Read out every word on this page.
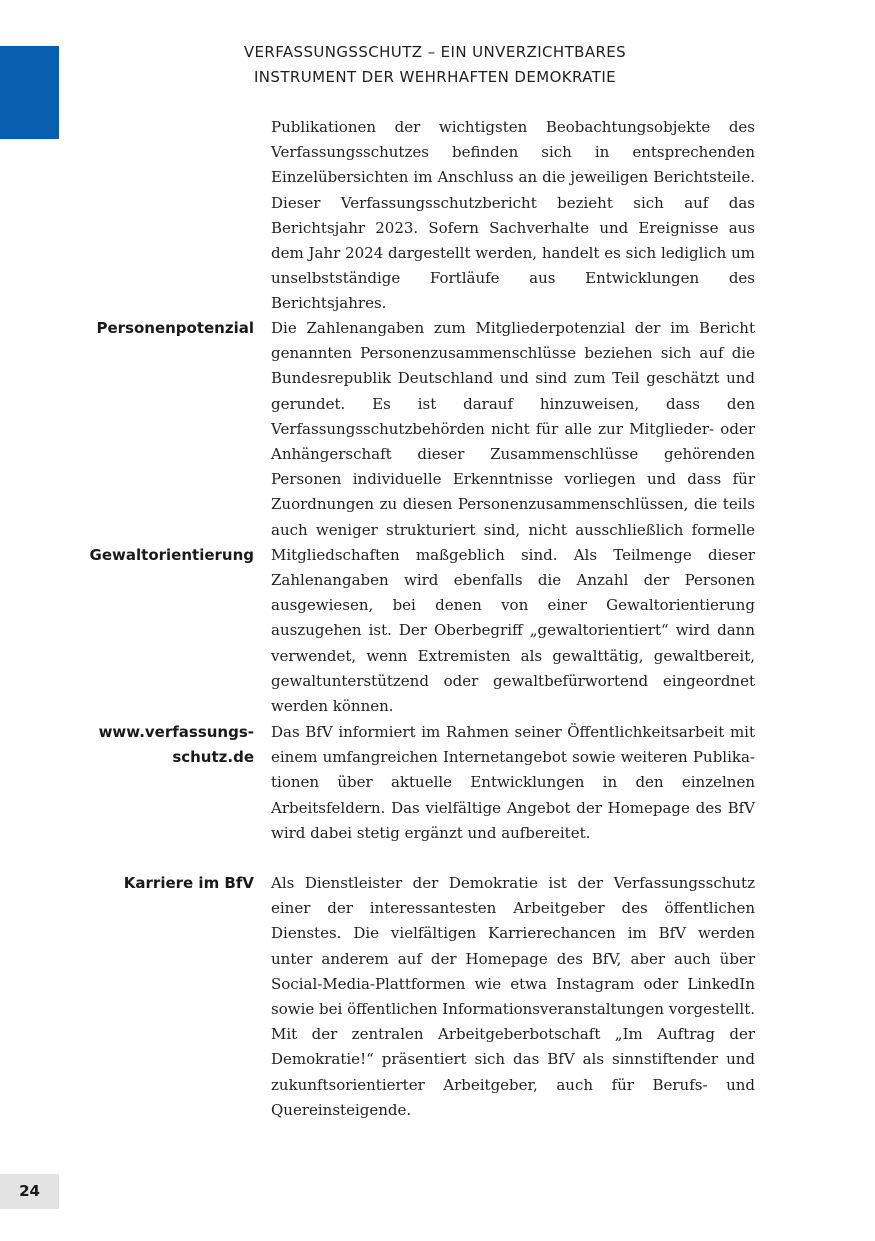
VERFASSUNGSSCHUTZ – EIN UNVERZICHTBARES
INSTRUMENT DER WEHRHAFTEN DEMOKRATIE

Publikationen der wichtigsten Beobachtungsobjekte des Verfassungsschutzes befinden sich in entsprechenden Einzelübersichten im Anschluss an die jeweiligen Berichtsteile. Dieser Verfassungsschutzbericht bezieht sich auf das Berichtsjahr 2023. Sofern Sachverhalte und Ereignisse aus dem Jahr 2024 dargestellt werden, handelt es sich lediglich um unselbstständige Fortläufe aus Entwicklungen des Berichtsjahres.

Personenpotenzial
Gewaltorientierung

Die Zahlenangaben zum Mitgliederpotenzial der im Bericht genannten Personenzusammenschlüsse beziehen sich auf die Bundesrepublik Deutschland und sind zum Teil geschätzt und gerundet. Es ist darauf hinzuweisen, dass den Verfassungsschutzbehörden nicht für alle zur Mitglieder- oder Anhängerschaft dieser Zusammenschlüsse gehörenden Personen individuelle Erkenntnisse vorliegen und dass für Zuordnungen zu diesen Personenzusammenschlüssen, die teils auch weniger strukturiert sind, nicht ausschließlich formelle Mitgliedschaften maßgeblich sind. Als Teilmenge dieser Zahlenangaben wird ebenfalls die Anzahl der Personen ausgewiesen, bei denen von einer Gewaltorientierung auszugehen ist. Der Oberbegriff „gewaltorientiert“ wird dann verwendet, wenn Extremisten als gewalttätig, gewaltbereit, gewaltunterstützend oder gewaltbefürwortend eingeordnet werden können.

www.verfassungs-
schutz.de

Das BfV informiert im Rahmen seiner Öffentlichkeitsarbeit mit einem umfangreichen Internetangebot sowie weiteren Publikationen über aktuelle Entwicklungen in den einzelnen Arbeitsfeldern. Das vielfältige Angebot der Homepage des BfV wird dabei stetig ergänzt und aufbereitet.

Karriere im BfV Als Dienstleister der Demokratie ist der Verfassungsschutz einer der interessantesten Arbeitgeber des öffentlichen Dienstes. Die vielfältigen Karrierechancen im BfV werden unter anderem auf der Homepage des BfV, aber auch über Social-Media-Plattformen wie etwa Instagram oder LinkedIn sowie bei öffentlichen Informationsveranstaltungen vorgestellt. Mit der zentralen Arbeitgeberbotschaft „Im Auftrag der Demokratie!“ präsentiert sich das BfV als sinnstiftender und zukunftsorientierter Arbeitgeber, auch für Berufs- und Quereinsteigende.

24
